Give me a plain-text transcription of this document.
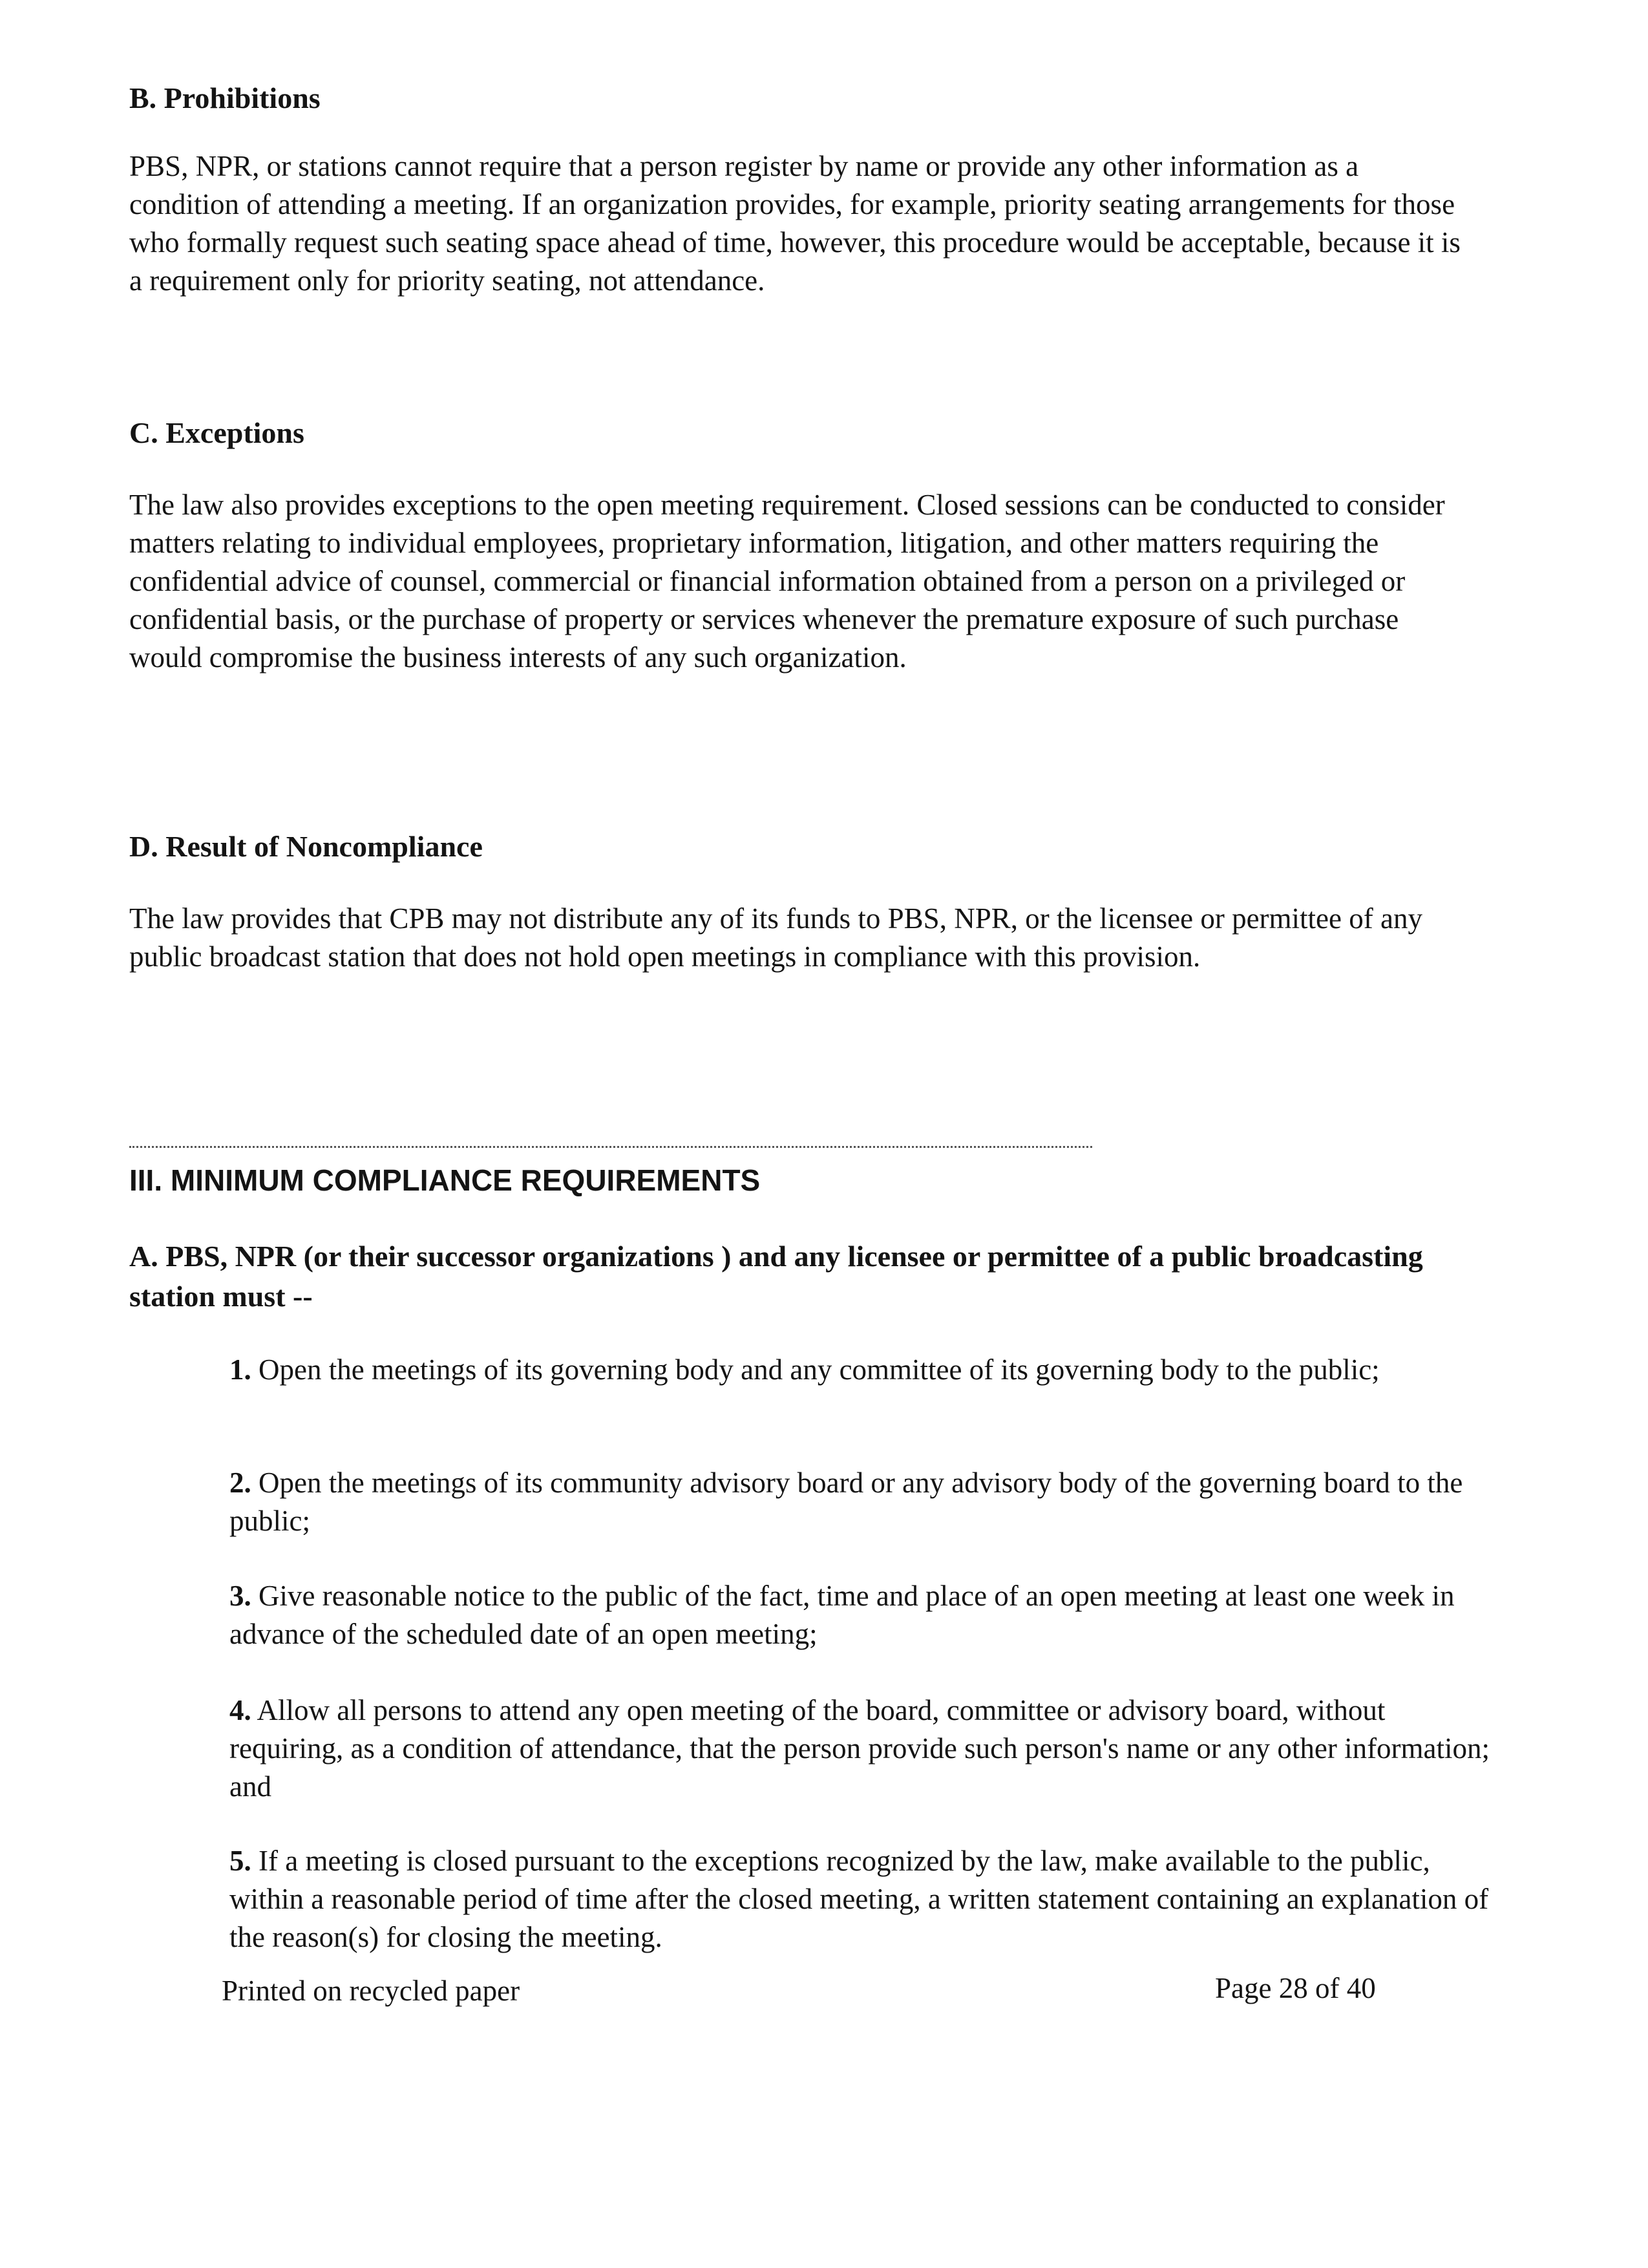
B. Prohibitions

PBS, NPR, or stations cannot require that a person register by name or provide any other information as a condition of attending a meeting. If an organization provides, for example, priority seating arrangements for those who formally request such seating space ahead of time, however, this procedure would be acceptable, because it is a requirement only for priority seating, not attendance.

C. Exceptions

The law also provides exceptions to the open meeting requirement. Closed sessions can be conducted to consider matters relating to individual employees, proprietary information, litigation, and other matters requiring the confidential advice of counsel, commercial or financial information obtained from a person on a privileged or confidential basis, or the purchase of property or services whenever the premature exposure of such purchase would compromise the business interests of any such organization.

D. Result of Noncompliance

The law provides that CPB may not distribute any of its funds to PBS, NPR, or the licensee or permittee of any public broadcast station that does not hold open meetings in compliance with this provision.

III. MINIMUM COMPLIANCE REQUIREMENTS
A. PBS, NPR (or their successor organizations ) and any licensee or permittee of a public broadcasting station must --

1. Open the meetings of its governing body and any committee of its governing body to the public;

2. Open the meetings of its community advisory board or any advisory body of the governing board to the public;

3. Give reasonable notice to the public of the fact, time and place of an open meeting at least one week in advance of the scheduled date of an open meeting;

4. Allow all persons to attend any open meeting of the board, committee or advisory board, without requiring, as a condition of attendance, that the person provide such person's name or any other information; and

5. If a meeting is closed pursuant to the exceptions recognized by the law, make available to the public, within a reasonable period of time after the closed meeting, a written statement containing an explanation of the reason(s) for closing the meeting.

Printed on recycled paper	Page 28 of 40
